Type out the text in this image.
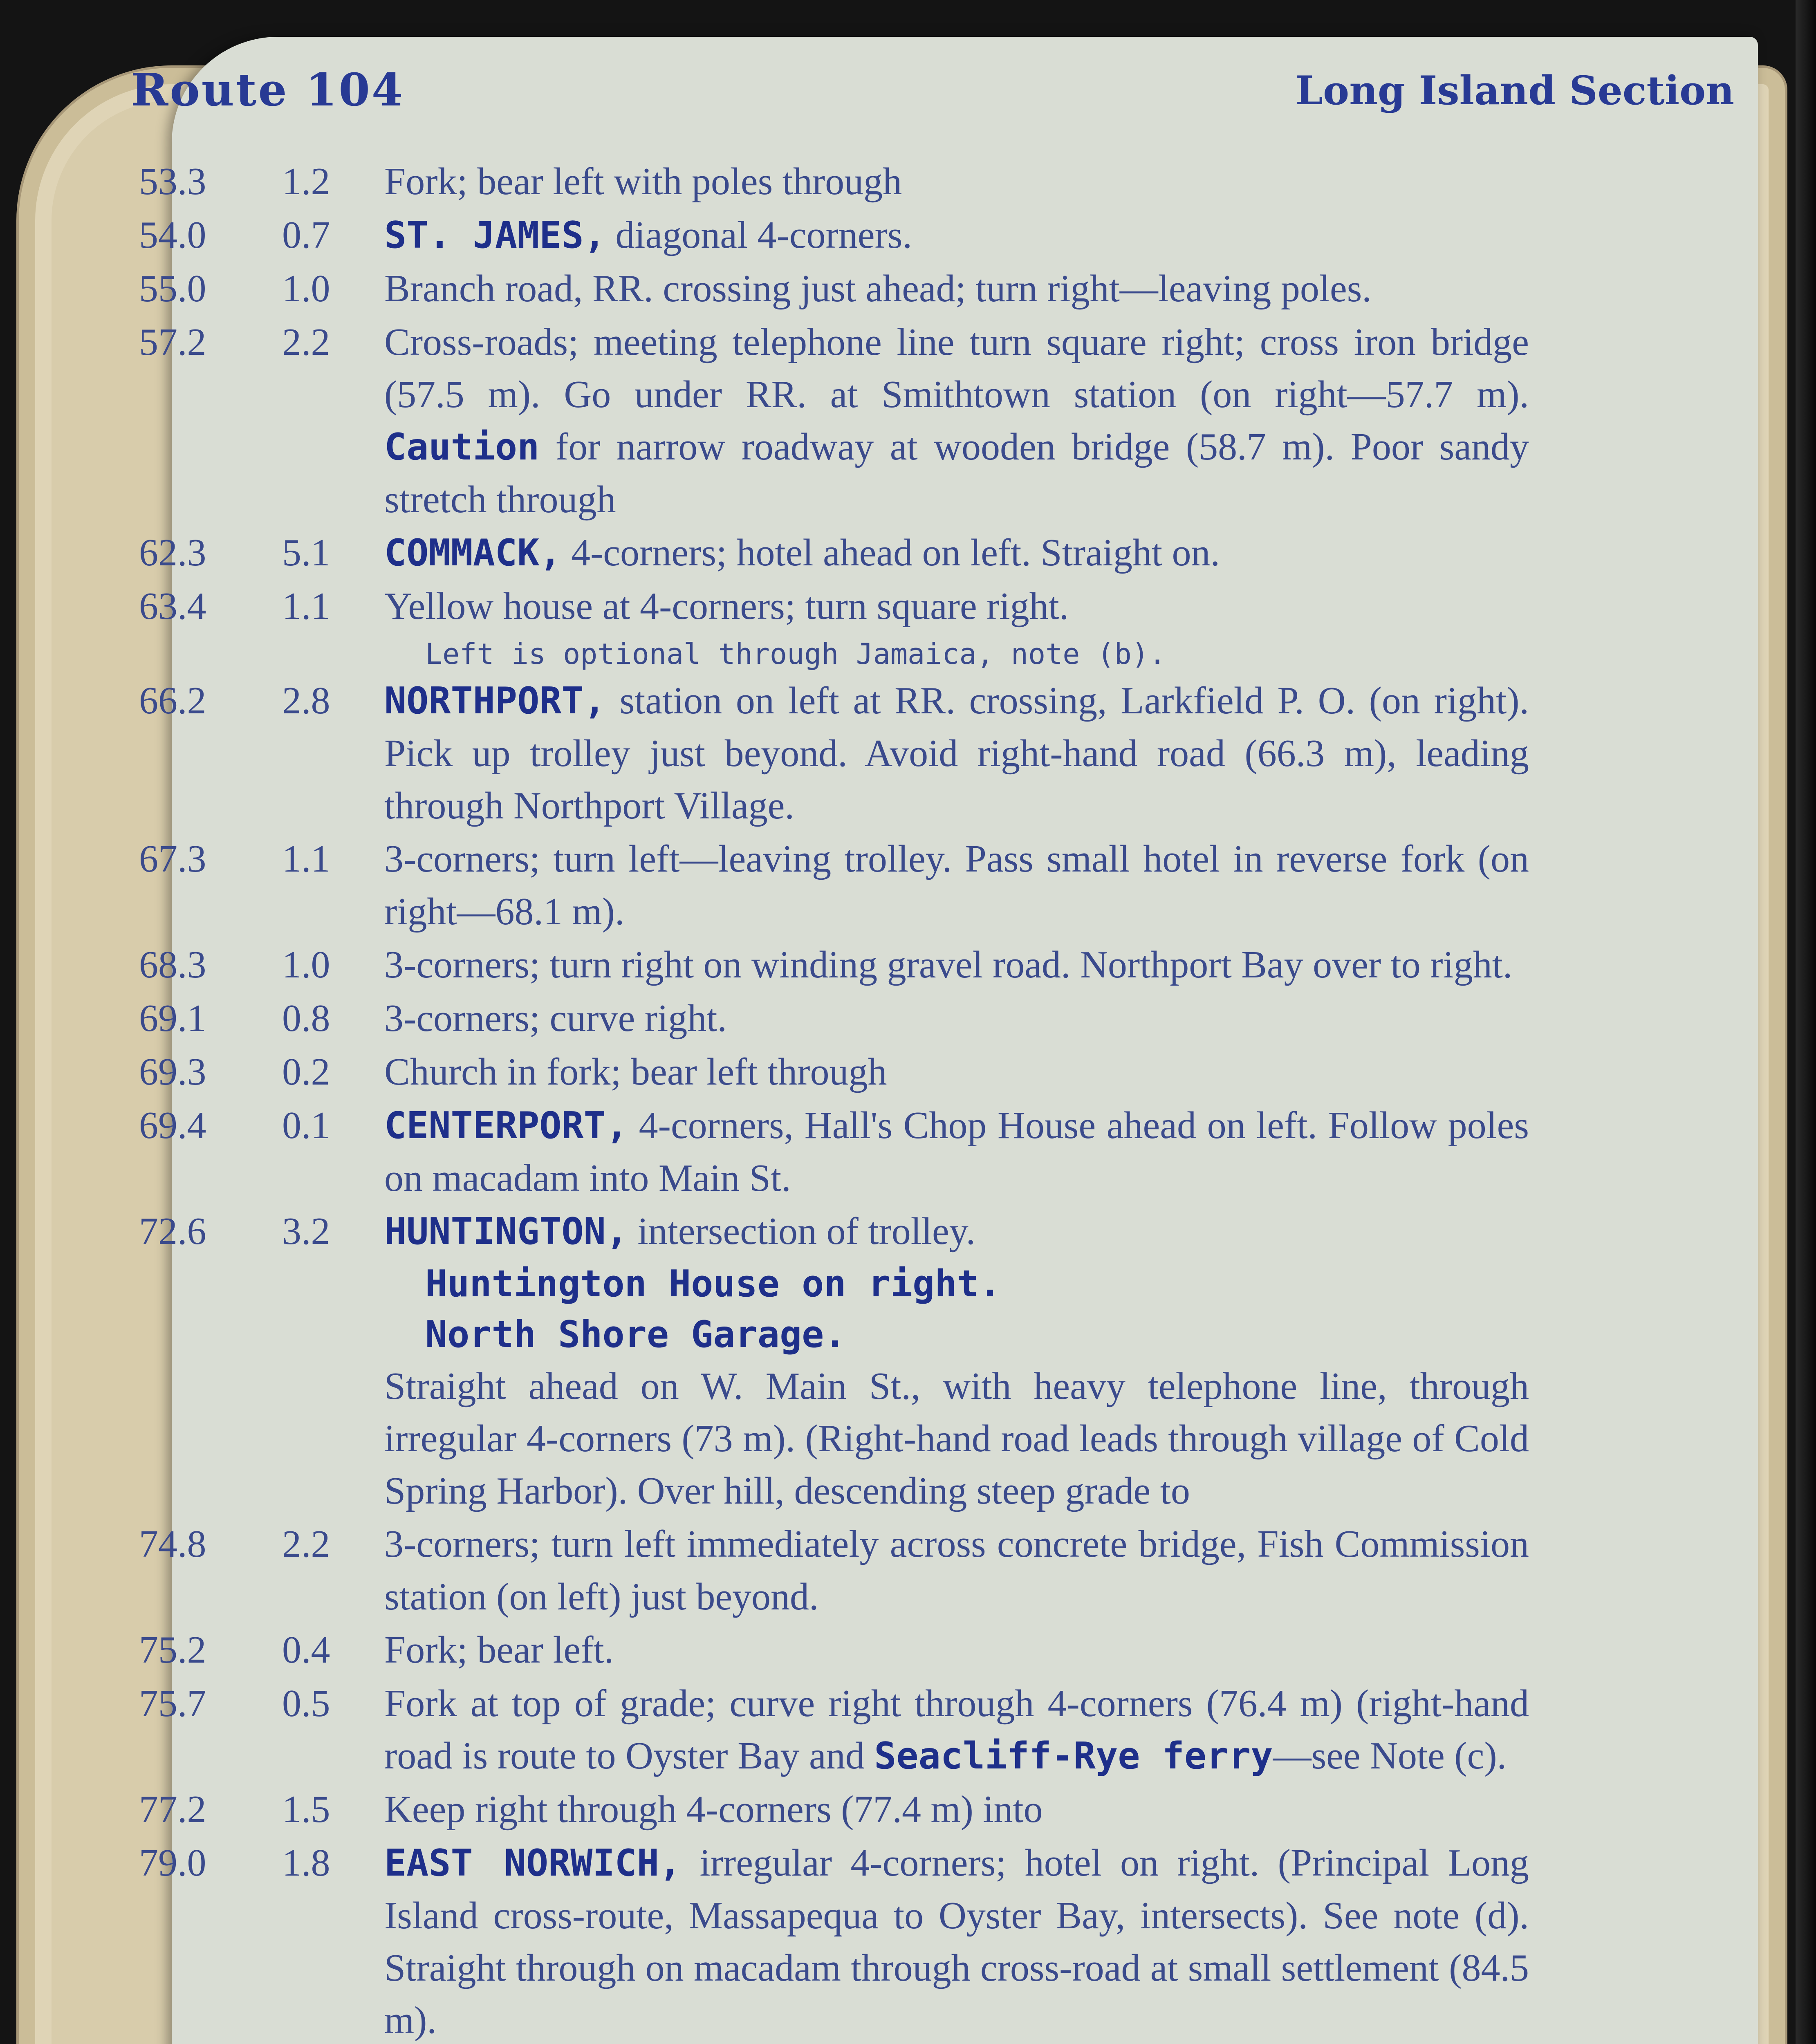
Route 104	Long Island Section
53.3	1.2	Fork; bear left with poles through
54.0	0.7	ST. JAMES, diagonal 4-corners.
55.0	1.0	Branch road, RR. crossing just ahead; turn right—leaving poles.
57.2	2.2	Cross-roads; meeting telephone line turn square right; cross iron bridge (57.5 m). Go under RR. at Smithtown station (on right—57.7 m). Caution for narrow roadway at wooden bridge (58.7 m). Poor sandy stretch through
62.3	5.1	COMMACK, 4-corners; hotel ahead on left. Straight on.
63.4	1.1	Yellow house at 4-corners; turn square right.
Left is optional through Jamaica, note (b).
66.2	2.8	NORTHPORT, station on left at RR. crossing, Larkfield P. O. (on right). Pick up trolley just beyond. Avoid right-hand road (66.3 m), leading through Northport Village.
67.3	1.1	3-corners; turn left—leaving trolley. Pass small hotel in reverse fork (on right—68.1 m).
68.3	1.0	3-corners; turn right on winding gravel road. Northport Bay over to right.
69.1	0.8	3-corners; curve right.
69.3	0.2	Church in fork; bear left through
69.4	0.1	CENTERPORT, 4-corners, Hall's Chop House ahead on left. Follow poles on macadam into Main St.
72.6	3.2	HUNTINGTON, intersection of trolley.
Huntington House on right.
North Shore Garage.
Straight ahead on W. Main St., with heavy telephone line, through irregular 4-corners (73 m). (Right-hand road leads through village of Cold Spring Harbor). Over hill, descending steep grade to
74.8	2.2	3-corners; turn left immediately across concrete bridge, Fish Commission station (on left) just beyond.
75.2	0.4	Fork; bear left.
75.7	0.5	Fork at top of grade; curve right through 4-corners (76.4 m) (right-hand road is route to Oyster Bay and Seacliff-Rye ferry—see Note (c).
77.2	1.5	Keep right through 4-corners (77.4 m) into
79.0	1.8	EAST NORWICH, irregular 4-corners; hotel on right. (Principal Long Island cross-route, Massapequa to Oyster Bay, intersects). See note (d). Straight through on macadam through cross-road at small settlement (84.5 m).
